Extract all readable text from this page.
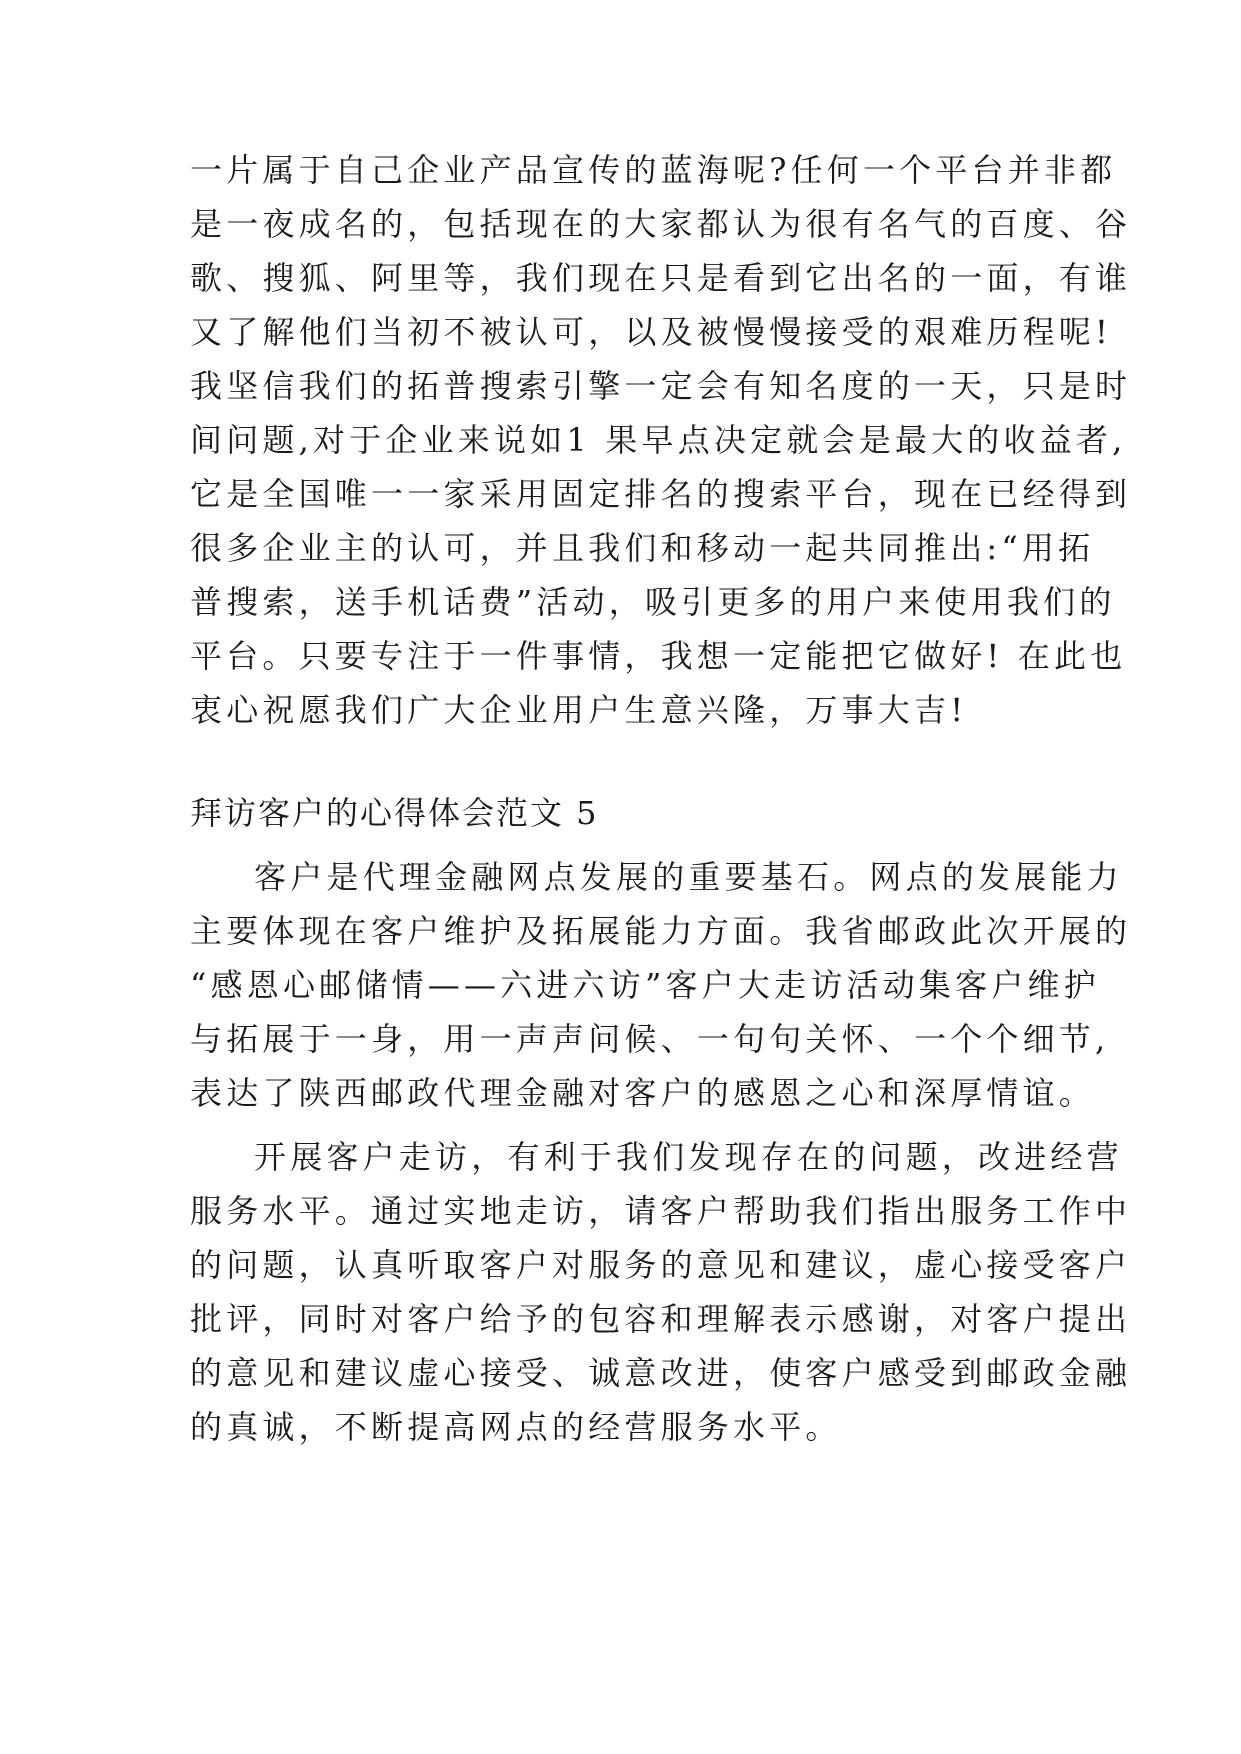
一片属于自己企业产品宣传的蓝海呢?任何一个平台并非都
是一夜成名的，包括现在的大家都认为很有名气的百度、谷
歌、搜狐、阿里等，我们现在只是看到它出名的一面，有谁
又了解他们当初不被认可，以及被慢慢接受的艰难历程呢!
我坚信我们的拓普搜索引擎一定会有知名度的一天，只是时
间问题,对于企业来说如1 果早点决定就会是最大的收益者,
它是全国唯一一家采用固定排名的搜索平台，现在已经得到
很多企业主的认可，并且我们和移动一起共同推出:“用拓
普搜索，送手机话费”活动，吸引更多的用户来使用我们的
平台。只要专注于一件事情，我想一定能把它做好! 在此也
衷心祝愿我们广大企业用户生意兴隆，万事大吉!
拜访客户的心得体会范文 5
客户是代理金融网点发展的重要基石。网点的发展能力
主要体现在客户维护及拓展能力方面。我省邮政此次开展的
“感恩心邮储情——六进六访”客户大走访活动集客户维护
与拓展于一身，用一声声问候、一句句关怀、一个个细节,
表达了陕西邮政代理金融对客户的感恩之心和深厚情谊。
开展客户走访，有利于我们发现存在的问题，改进经营
服务水平。通过实地走访，请客户帮助我们指出服务工作中
的问题，认真听取客户对服务的意见和建议，虚心接受客户
批评，同时对客户给予的包容和理解表示感谢，对客户提出
的意见和建议虚心接受、诚意改进，使客户感受到邮政金融
的真诚，不断提高网点的经营服务水平。
